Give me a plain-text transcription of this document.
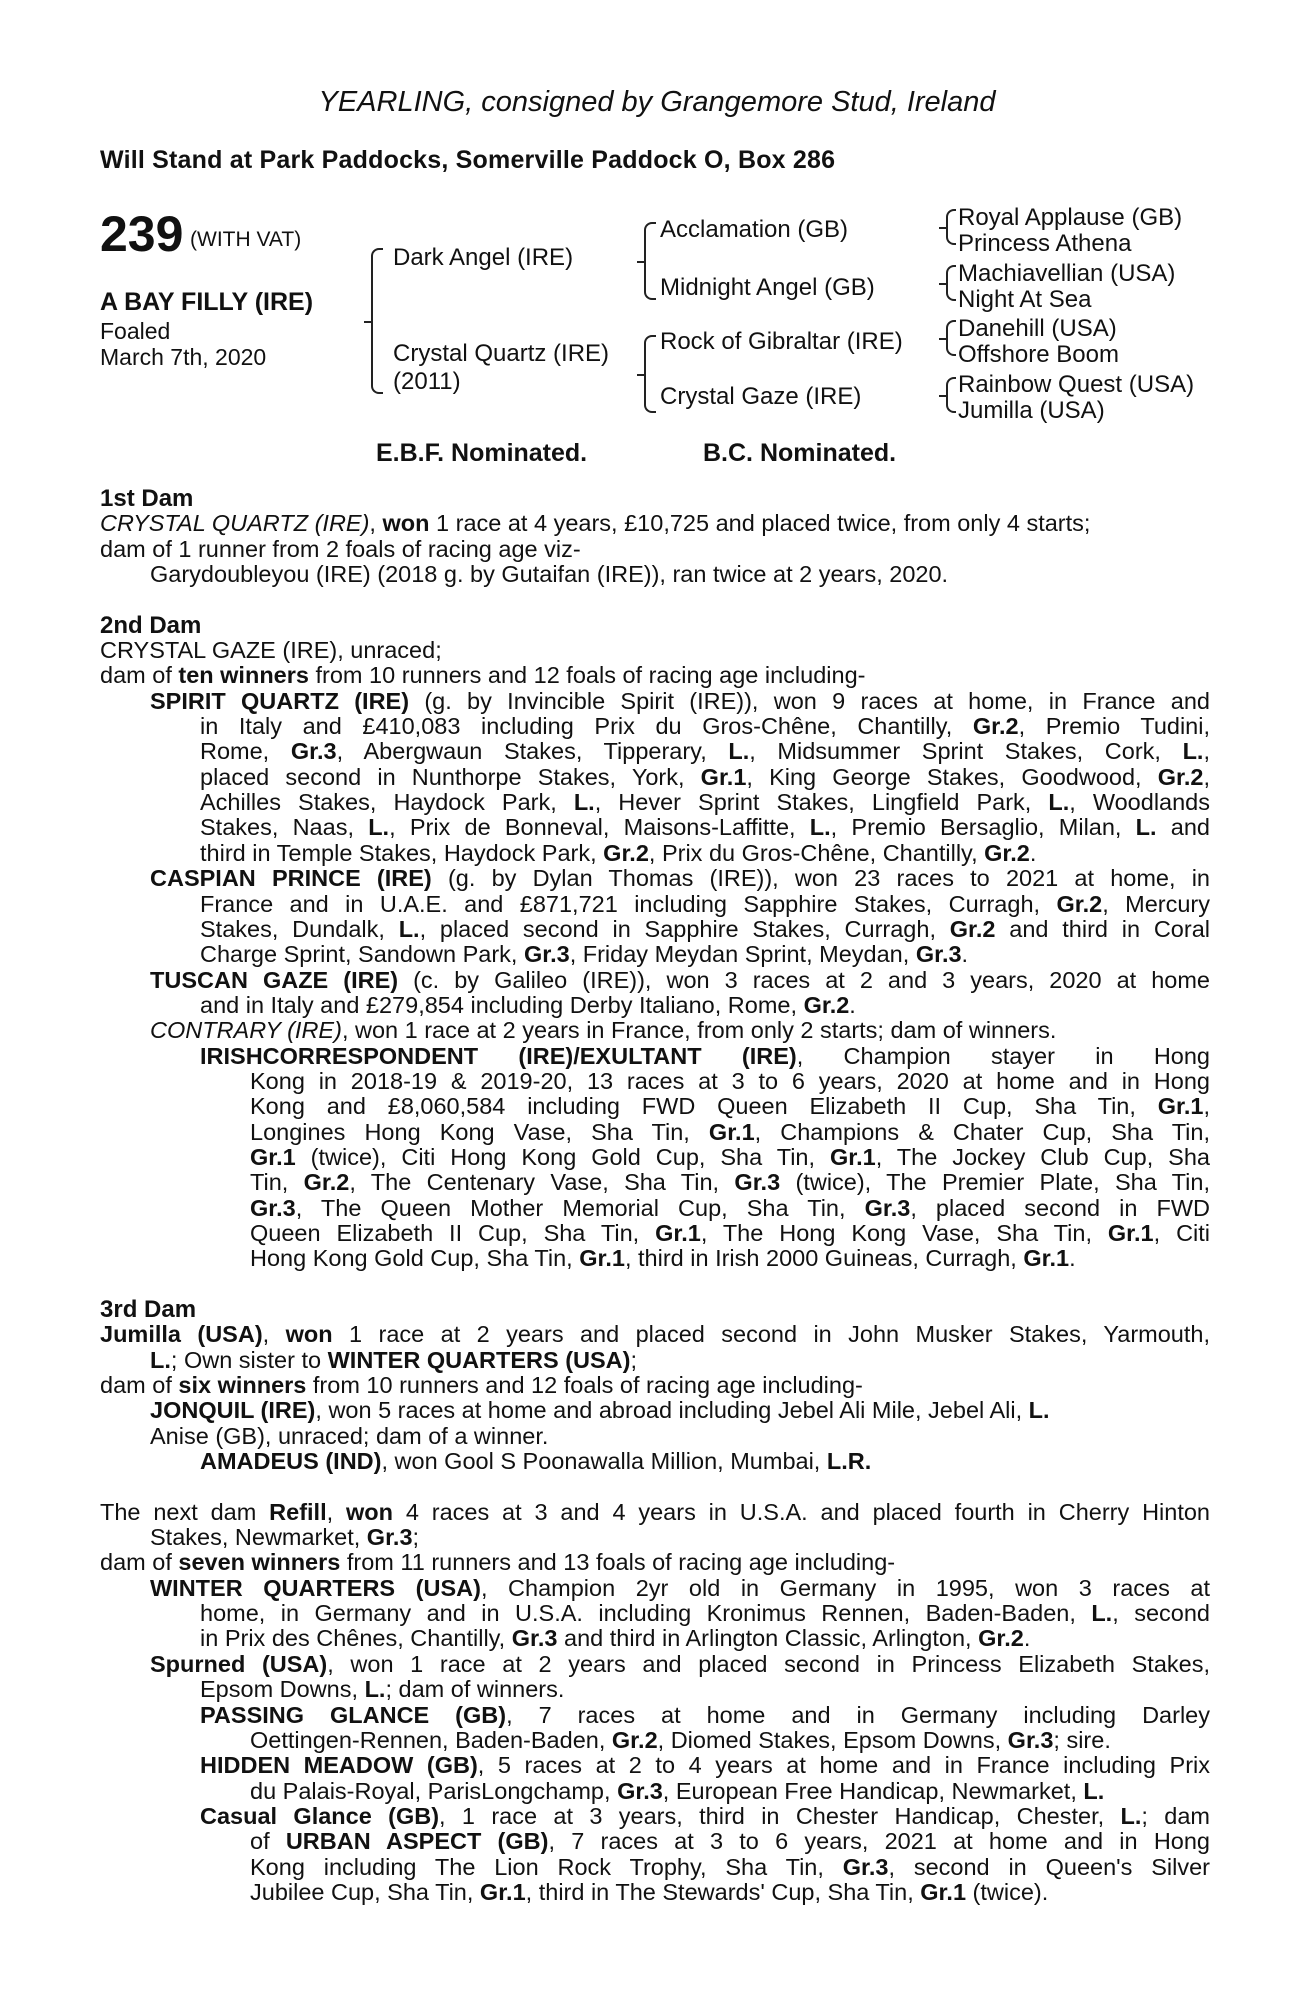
YEARLING, consigned by Grangemore Stud, Ireland
Will Stand at Park Paddocks, Somerville Paddock O, Box 286
239 (WITH VAT)
A BAY FILLY (IRE)
Foaled
March 7th, 2020
Dark Angel (IRE)
Crystal Quartz (IRE)
(2011)
Acclamation (GB)
Midnight Angel (GB)
Rock of Gibraltar (IRE)
Crystal Gaze (IRE)
Royal Applause (GB)
Princess Athena
Machiavellian (USA)
Night At Sea
Danehill (USA)
Offshore Boom
Rainbow Quest (USA)
Jumilla (USA)
E.B.F. Nominated.	B.C. Nominated.
1st Dam
CRYSTAL QUARTZ (IRE), won 1 race at 4 years, £10,725 and placed twice, from only 4 starts;
dam of 1 runner from 2 foals of racing age viz-
Garydoubleyou (IRE) (2018 g. by Gutaifan (IRE)), ran twice at 2 years, 2020.
2nd Dam
CRYSTAL GAZE (IRE), unraced;
dam of ten winners from 10 runners and 12 foals of racing age including-
SPIRIT QUARTZ (IRE) (g. by Invincible Spirit (IRE)), won 9 races at home, in France and
in Italy and £410,083 including Prix du Gros-Chêne, Chantilly, Gr.2, Premio Tudini,
Rome, Gr.3, Abergwaun Stakes, Tipperary, L., Midsummer Sprint Stakes, Cork, L.,
placed second in Nunthorpe Stakes, York, Gr.1, King George Stakes, Goodwood, Gr.2,
Achilles Stakes, Haydock Park, L., Hever Sprint Stakes, Lingfield Park, L., Woodlands
Stakes, Naas, L., Prix de Bonneval, Maisons-Laffitte, L., Premio Bersaglio, Milan, L. and
third in Temple Stakes, Haydock Park, Gr.2, Prix du Gros-Chêne, Chantilly, Gr.2.
CASPIAN PRINCE (IRE) (g. by Dylan Thomas (IRE)), won 23 races to 2021 at home, in
France and in U.A.E. and £871,721 including Sapphire Stakes, Curragh, Gr.2, Mercury
Stakes, Dundalk, L., placed second in Sapphire Stakes, Curragh, Gr.2 and third in Coral
Charge Sprint, Sandown Park, Gr.3, Friday Meydan Sprint, Meydan, Gr.3.
TUSCAN GAZE (IRE) (c. by Galileo (IRE)), won 3 races at 2 and 3 years, 2020 at home
and in Italy and £279,854 including Derby Italiano, Rome, Gr.2.
CONTRARY (IRE), won 1 race at 2 years in France, from only 2 starts; dam of winners.
IRISHCORRESPONDENT (IRE)/EXULTANT (IRE), Champion stayer in Hong
Kong in 2018-19 & 2019-20, 13 races at 3 to 6 years, 2020 at home and in Hong
Kong and £8,060,584 including FWD Queen Elizabeth II Cup, Sha Tin, Gr.1,
Longines Hong Kong Vase, Sha Tin, Gr.1, Champions & Chater Cup, Sha Tin,
Gr.1 (twice), Citi Hong Kong Gold Cup, Sha Tin, Gr.1, The Jockey Club Cup, Sha
Tin, Gr.2, The Centenary Vase, Sha Tin, Gr.3 (twice), The Premier Plate, Sha Tin,
Gr.3, The Queen Mother Memorial Cup, Sha Tin, Gr.3, placed second in FWD
Queen Elizabeth II Cup, Sha Tin, Gr.1, The Hong Kong Vase, Sha Tin, Gr.1, Citi
Hong Kong Gold Cup, Sha Tin, Gr.1, third in Irish 2000 Guineas, Curragh, Gr.1.
3rd Dam
Jumilla (USA), won 1 race at 2 years and placed second in John Musker Stakes, Yarmouth,
L.; Own sister to WINTER QUARTERS (USA);
dam of six winners from 10 runners and 12 foals of racing age including-
JONQUIL (IRE), won 5 races at home and abroad including Jebel Ali Mile, Jebel Ali, L.
Anise (GB), unraced; dam of a winner.
AMADEUS (IND), won Gool S Poonawalla Million, Mumbai, L.R.
The next dam Refill, won 4 races at 3 and 4 years in U.S.A. and placed fourth in Cherry Hinton
Stakes, Newmarket, Gr.3;
dam of seven winners from 11 runners and 13 foals of racing age including-
WINTER QUARTERS (USA), Champion 2yr old in Germany in 1995, won 3 races at
home, in Germany and in U.S.A. including Kronimus Rennen, Baden-Baden, L., second
in Prix des Chênes, Chantilly, Gr.3 and third in Arlington Classic, Arlington, Gr.2.
Spurned (USA), won 1 race at 2 years and placed second in Princess Elizabeth Stakes,
Epsom Downs, L.; dam of winners.
PASSING GLANCE (GB), 7 races at home and in Germany including Darley
Oettingen-Rennen, Baden-Baden, Gr.2, Diomed Stakes, Epsom Downs, Gr.3; sire.
HIDDEN MEADOW (GB), 5 races at 2 to 4 years at home and in France including Prix
du Palais-Royal, ParisLongchamp, Gr.3, European Free Handicap, Newmarket, L.
Casual Glance (GB), 1 race at 3 years, third in Chester Handicap, Chester, L.; dam
of URBAN ASPECT (GB), 7 races at 3 to 6 years, 2021 at home and in Hong
Kong including The Lion Rock Trophy, Sha Tin, Gr.3, second in Queen's Silver
Jubilee Cup, Sha Tin, Gr.1, third in The Stewards' Cup, Sha Tin, Gr.1 (twice).
